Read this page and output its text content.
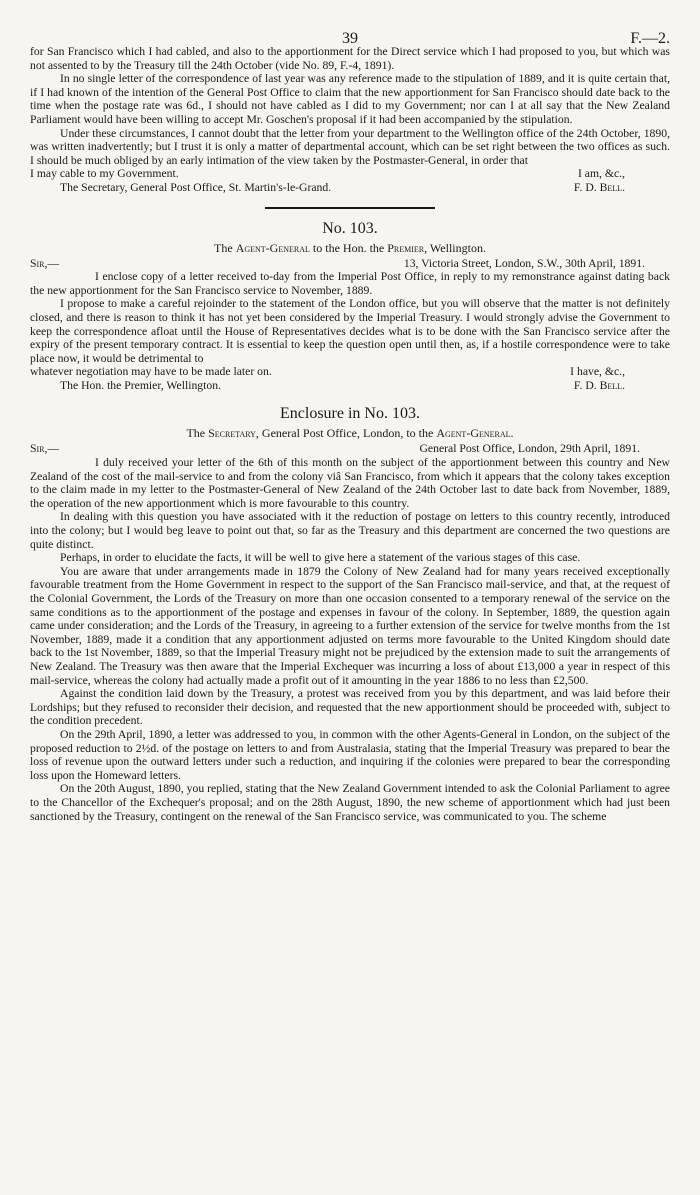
39	F.—2.

for San Francisco which I had cabled, and also to the apportionment for the Direct service which I had proposed to you, but which was not assented to by the Treasury till the 24th October (vide No. 89, F.-4, 1891).

In no single letter of the correspondence of last year was any reference made to the stipulation of 1889, and it is quite certain that, if I had known of the intention of the General Post Office to claim that the new apportionment for San Francisco should date back to the time when the postage rate was 6d., I should not have cabled as I did to my Government; nor can I at all say that the New Zealand Parliament would have been willing to accept Mr. Goschen's proposal if it had been accompanied by the stipulation.

Under these circumstances, I cannot doubt that the letter from your department to the Wellington office of the 24th October, 1890, was written inadvertently; but I trust it is only a matter of departmental account, which can be set right between the two offices as such. I should be much obliged by an early intimation of the view taken by the Postmaster-General, in order that

I may cable to my Government.	I am, &c.,
The Secretary, General Post Office, St. Martin's-le-Grand.	F. D. Bell.
No. 103.
The Agent-General to the Hon. the Premier, Wellington.
Sir,—	13, Victoria Street, London, S.W., 30th April, 1891.

I enclose copy of a letter received to-day from the Imperial Post Office, in reply to my remonstrance against dating back the new apportionment for the San Francisco service to November, 1889.

I propose to make a careful rejoinder to the statement of the London office, but you will observe that the matter is not definitely closed, and there is reason to think it has not yet been considered by the Imperial Treasury. I would strongly advise the Government to keep the correspondence afloat until the House of Representatives decides what is to be done with the San Francisco service after the expiry of the present temporary contract. It is essential to keep the question open until then, as, if a hostile correspondence were to take place now, it would be detrimental to

whatever negotiation may have to be made later on.	I have, &c.,
The Hon. the Premier, Wellington.	F. D. Bell.
Enclosure in No. 103.
The Secretary, General Post Office, London, to the Agent-General.
Sir,—	General Post Office, London, 29th April, 1891.

I duly received your letter of the 6th of this month on the subject of the apportionment between this country and New Zealand of the cost of the mail-service to and from the colony viâ San Francisco, from which it appears that the colony takes exception to the claim made in my letter to the Postmaster-General of New Zealand of the 24th October last to date back from November, 1889, the operation of the new apportionment which is more favourable to this country.

In dealing with this question you have associated with it the reduction of postage on letters to this country recently, introduced into the colony; but I would beg leave to point out that, so far as the Treasury and this department are concerned the two questions are quite distinct.

Perhaps, in order to elucidate the facts, it will be well to give here a statement of the various stages of this case.

You are aware that under arrangements made in 1879 the Colony of New Zealand had for many years received exceptionally favourable treatment from the Home Government in respect to the support of the San Francisco mail-service, and that, at the request of the Colonial Government, the Lords of the Treasury on more than one occasion consented to a temporary renewal of the service on the same conditions as to the apportionment of the postage and expenses in favour of the colony. In September, 1889, the question again came under consideration; and the Lords of the Treasury, in agreeing to a further extension of the service for twelve months from the 1st November, 1889, made it a condition that any apportionment adjusted on terms more favourable to the United Kingdom should date back to the 1st November, 1889, so that the Imperial Treasury might not be prejudiced by the extension made to suit the arrangements of New Zealand. The Treasury was then aware that the Imperial Exchequer was incurring a loss of about £13,000 a year in respect of this mail-service, whereas the colony had actually made a profit out of it amounting in the year 1886 to no less than £2,500.

Against the condition laid down by the Treasury, a protest was received from you by this department, and was laid before their Lordships; but they refused to reconsider their decision, and requested that the new apportionment should be proceeded with, subject to the condition precedent.

On the 29th April, 1890, a letter was addressed to you, in common with the other Agents-General in London, on the subject of the proposed reduction to 2½d. of the postage on letters to and from Australasia, stating that the Imperial Treasury was prepared to bear the loss of revenue upon the outward letters under such a reduction, and inquiring if the colonies were prepared to bear the corresponding loss upon the Homeward letters.

On the 20th August, 1890, you replied, stating that the New Zealand Government intended to ask the Colonial Parliament to agree to the Chancellor of the Exchequer's proposal; and on the 28th August, 1890, the new scheme of apportionment which had just been sanctioned by the Treasury, contingent on the renewal of the San Francisco service, was communicated to you. The scheme
